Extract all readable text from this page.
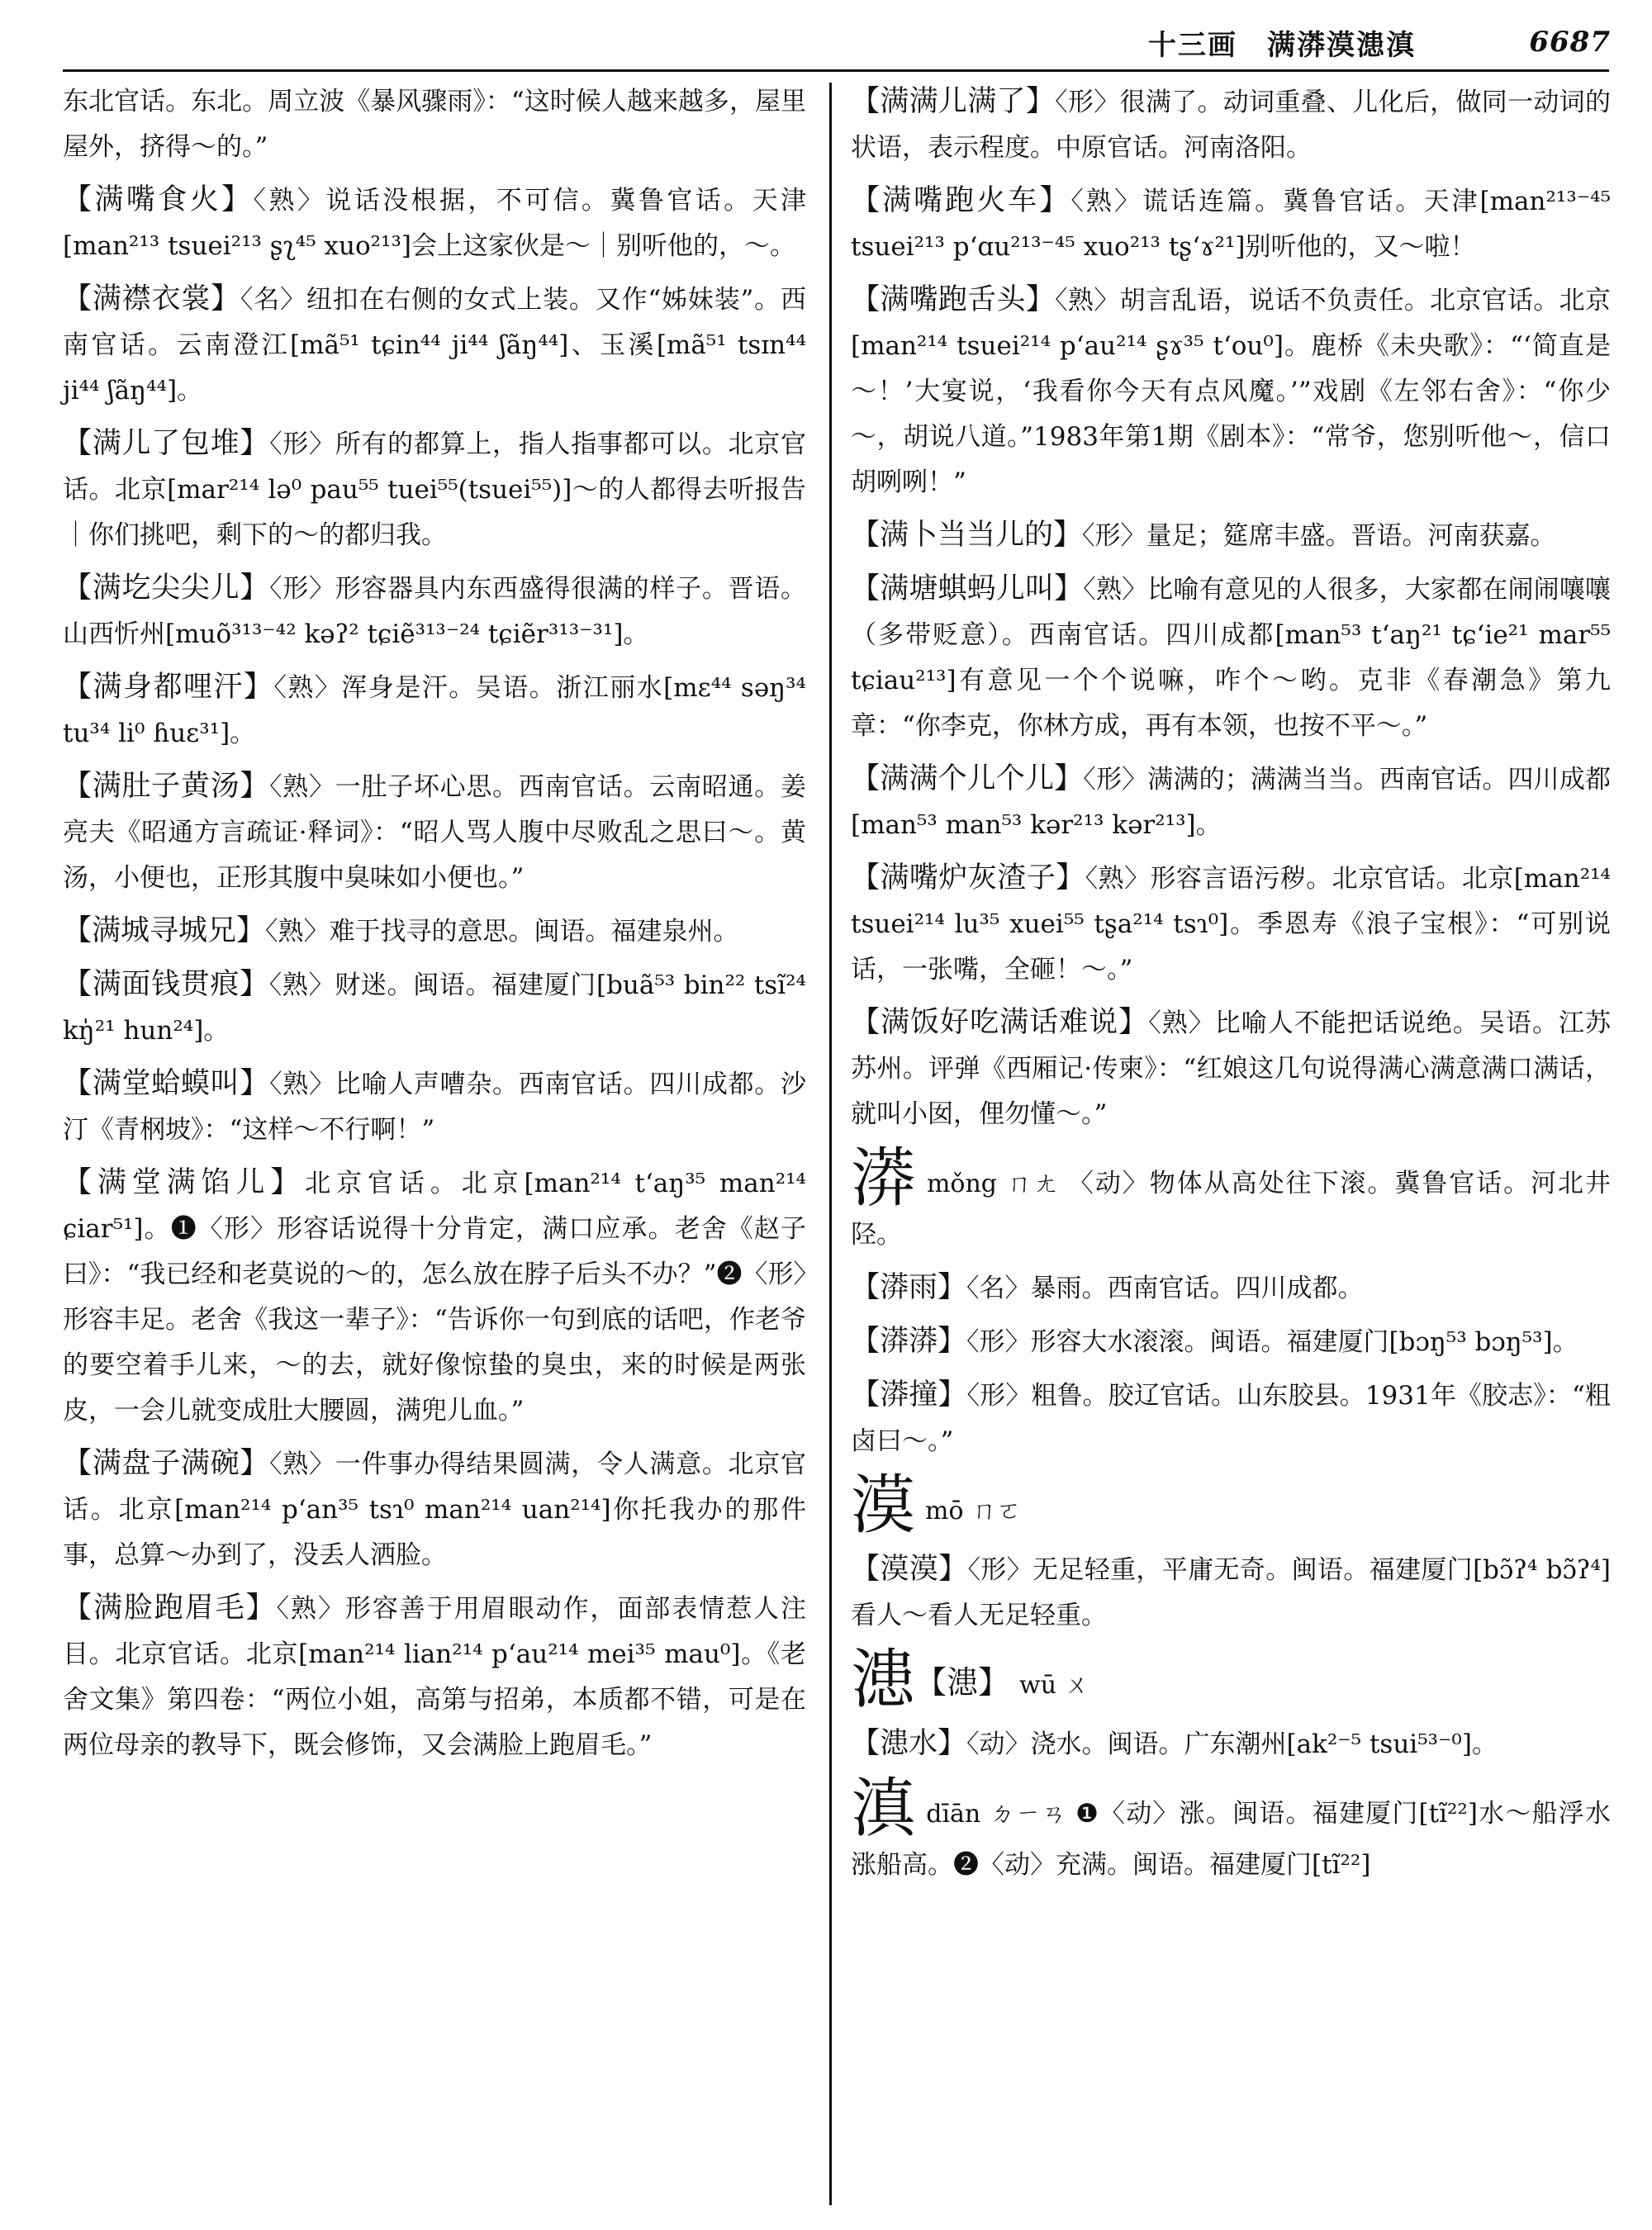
十三画　满漭漠漶滇	6687
东北官话。东北。周立波《暴风骤雨》：“这时候人越来越多，屋里屋外，挤得～的。”
【满嘴食火】〈熟〉说话没根据，不可信。冀鲁官话。天津[man²¹³ tsuei²¹³ ʂʅ⁴⁵ xuo²¹³]会上这家伙是～｜别听他的，～。
【满襟衣裳】〈名〉纽扣在右侧的女式上装。又作“姊妹装”。西南官话。云南澄江[mã⁵¹ tɕin⁴⁴ ji⁴⁴ ʃãŋ⁴⁴]、玉溪[mã⁵¹ tsɪn⁴⁴ ji⁴⁴ ʃãŋ⁴⁴]。
【满儿了包堆】〈形〉所有的都算上，指人指事都可以。北京官话。北京[mar²¹⁴ lə⁰ pau⁵⁵ tuei⁵⁵(tsuei⁵⁵)]～的人都得去听报告｜你们挑吧，剩下的～的都归我。
【满圪尖尖儿】〈形〉形容器具内东西盛得很满的样子。晋语。山西忻州[muõ³¹³⁻⁴² kəʔ² tɕiẽ³¹³⁻²⁴ tɕiẽr³¹³⁻³¹]。
【满身都哩汗】〈熟〉浑身是汗。吴语。浙江丽水[mɛ⁴⁴ səŋ³⁴ tu³⁴ li⁰ ɦuɛ³¹]。
【满肚子黄汤】〈熟〉一肚子坏心思。西南官话。云南昭通。姜亮夫《昭通方言疏证·释词》：“昭人骂人腹中尽败乱之思曰～。黄汤，小便也，正形其腹中臭味如小便也。”
【满城寻城兄】〈熟〉难于找寻的意思。闽语。福建泉州。
【满面钱贯痕】〈熟〉财迷。闽语。福建厦门[buã⁵³ bin²² tsĩ²⁴ kŋ̍²¹ hun²⁴]。
【满堂蛤蟆叫】〈熟〉比喻人声嘈杂。西南官话。四川成都。沙汀《青㭎坡》：“这样～不行啊！”
【满堂满馅儿】北京官话。北京[man²¹⁴ tʻaŋ³⁵ man²¹⁴ ɕiar⁵¹]。❶〈形〉形容话说得十分肯定，满口应承。老舍《赵子曰》：“我已经和老莫说的～的，怎么放在脖子后头不办？”❷〈形〉形容丰足。老舍《我这一辈子》：“告诉你一句到底的话吧，作老爷的要空着手儿来，～的去，就好像惊蛰的臭虫，来的时候是两张皮，一会儿就变成肚大腰圆，满兜儿血。”
【满盘子满碗】〈熟〉一件事办得结果圆满，令人满意。北京官话。北京[man²¹⁴ pʻan³⁵ tsɿ⁰ man²¹⁴ uan²¹⁴]你托我办的那件事，总算～办到了，没丢人洒脸。
【满脸跑眉毛】〈熟〉形容善于用眉眼动作，面部表情惹人注目。北京官话。北京[man²¹⁴ lian²¹⁴ pʻau²¹⁴ mei³⁵ mau⁰]。《老舍文集》第四卷：“两位小姐，高第与招弟，本质都不错，可是在两位母亲的教导下，既会修饰，又会满脸上跑眉毛。”
【满满儿满了】〈形〉很满了。动词重叠、儿化后，做同一动词的状语，表示程度。中原官话。河南洛阳。
【满嘴跑火车】〈熟〉谎话连篇。冀鲁官话。天津[man²¹³⁻⁴⁵ tsuei²¹³ pʻɑu²¹³⁻⁴⁵ xuo²¹³ tʂʻɤ²¹]别听他的，又～啦！
【满嘴跑舌头】〈熟〉胡言乱语，说话不负责任。北京官话。北京[man²¹⁴ tsuei²¹⁴ pʻau²¹⁴ ʂɤ³⁵ tʻou⁰]。鹿桥《未央歌》：“‘简直是～！’大宴说，‘我看你今天有点风魔。’”戏剧《左邻右舍》：“你少～，胡说八道。”1983年第1期《剧本》：“常爷，您别听他～，信口胡咧咧！”
【满卜当当儿的】〈形〉量足；筵席丰盛。晋语。河南获嘉。
【满塘蜞蚂儿叫】〈熟〉比喻有意见的人很多，大家都在闹闹嚷嚷（多带贬意）。西南官话。四川成都[man⁵³ tʻaŋ²¹ tɕʻie²¹ mar⁵⁵ tɕiau²¹³]有意见一个个说嘛，咋个～哟。克非《春潮急》第九章：“你李克，你林方成，再有本领，也按不平～。”
【满满个儿个儿】〈形〉满满的；满满当当。西南官话。四川成都[man⁵³ man⁵³ kər²¹³ kər²¹³]。
【满嘴炉灰渣子】〈熟〉形容言语污秽。北京官话。北京[man²¹⁴ tsuei²¹⁴ lu³⁵ xuei⁵⁵ tʂa²¹⁴ tsɿ⁰]。季恩寿《浪子宝根》：“可别说话，一张嘴，全砸！～。”
【满饭好吃满话难说】〈熟〉比喻人不能把话说绝。吴语。江苏苏州。评弹《西厢记·传柬》：“红娘这几句说得满心满意满口满话，就叫小囡，俚勿懂～。”
漭mǒng ㄇㄤ 〈动〉物体从高处往下滚。冀鲁官话。河北井陉。
【漭雨】〈名〉暴雨。西南官话。四川成都。
【漭漭】〈形〉形容大水滚滚。闽语。福建厦门[bɔŋ⁵³ bɔŋ⁵³]。
【漭撞】〈形〉粗鲁。胶辽官话。山东胶县。1931年《胶志》：“粗卤曰～。”
漠mō ㄇㄛ
【漠漠】〈形〉无足轻重，平庸无奇。闽语。福建厦门[bɔ̃ʔ⁴ bɔ̃ʔ⁴]看人～看人无足轻重。
漶【漶】 wū ㄨ
【漶水】〈动〉浇水。闽语。广东潮州[ak²⁻⁵ tsui⁵³⁻⁰]。
滇dīān ㄉㄧㄢ ❶〈动〉涨。闽语。福建厦门[tĩ²²]水～船浮水涨船高。❷〈动〉充满。闽语。福建厦门[tĩ²²]
